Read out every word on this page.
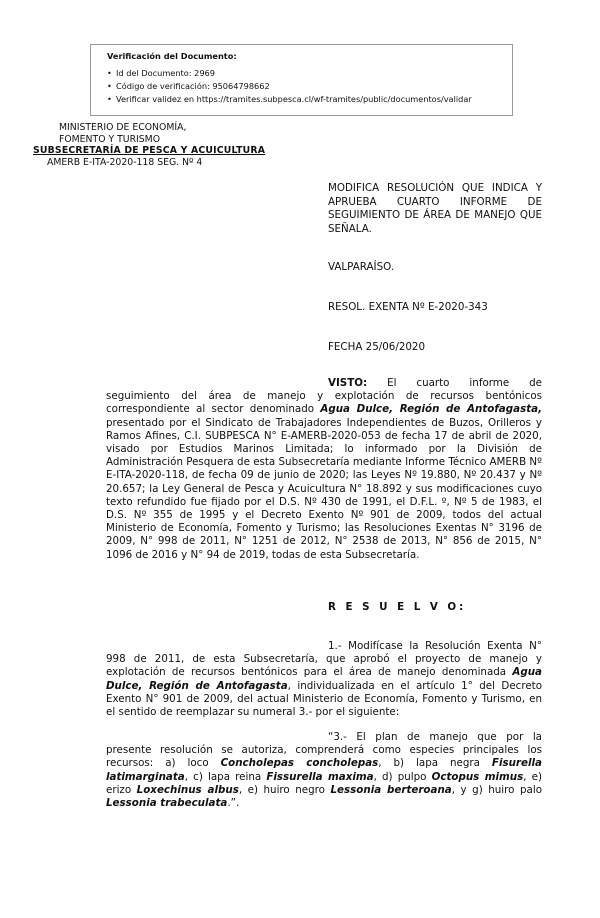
Verificación del Documento:
• Id del Documento: 2969
• Código de verificación: 95064798662
• Verificar validez en https://tramites.subpesca.cl/wf-tramites/public/documentos/validar
MINISTERIO DE ECONOMÍA,
FOMENTO Y TURISMO
SUBSECRETARÍA DE PESCA Y ACUICULTURA
AMERB E-ITA-2020-118 SEG. Nº 4
MODIFICA RESOLUCIÓN QUE INDICA Y APRUEBA CUARTO INFORME DE SEGUIMIENTO DE ÁREA DE MANEJO QUE SEÑALA.
VALPARAÍSO.
RESOL. EXENTA Nº E-2020-343
FECHA 25/06/2020
VISTO: El cuarto informe de seguimiento del área de manejo y explotación de recursos bentónicos correspondiente al sector denominado Agua Dulce, Región de Antofagasta, presentado por el Sindicato de Trabajadores Independientes de Buzos, Orilleros y Ramos Afines, C.I. SUBPESCA N° E-AMERB-2020-053 de fecha 17 de abril de 2020, visado por Estudios Marinos Limitada; lo informado por la División de Administración Pesquera de esta Subsecretaría mediante Informe Técnico AMERB Nº E-ITA-2020-118, de fecha 09 de junio de 2020; las Leyes Nº 19.880, Nº 20.437 y Nº 20.657; la Ley General de Pesca y Acuicultura N° 18.892 y sus modificaciones cuyo texto refundido fue fijado por el D.S. Nº 430 de 1991, el D.F.L. º, Nº 5 de 1983, el D.S. Nº 355 de 1995 y el Decreto Exento Nº 901 de 2009, todos del actual Ministerio de Economía, Fomento y Turismo; las Resoluciones Exentas N° 3196 de 2009, N° 998 de 2011, N° 1251 de 2012, N° 2538 de 2013, N° 856 de 2015, N° 1096 de 2016 y N° 94 de 2019, todas de esta Subsecretaría.
R E S U E L V O:
1.- Modifícase la Resolución Exenta N° 998 de 2011, de esta Subsecretaría, que aprobó el proyecto de manejo y explotación de recursos bentónicos para el área de manejo denominada Agua Dulce, Región de Antofagasta, individualizada en el artículo 1° del Decreto Exento N° 901 de 2009, del actual Ministerio de Economía, Fomento y Turismo, en el sentido de reemplazar su numeral 3.- por el siguiente:
“3.- El plan de manejo que por la presente resolución se autoriza, comprenderá como especies principales los recursos: a) loco Concholepas concholepas, b) lapa negra Fisurella latimarginata, c) lapa reina Fissurella maxima, d) pulpo Octopus mimus, e) erizo Loxechinus albus, e) huiro negro Lessonia berteroana, y g) huiro palo Lessonia trabeculata.”.
